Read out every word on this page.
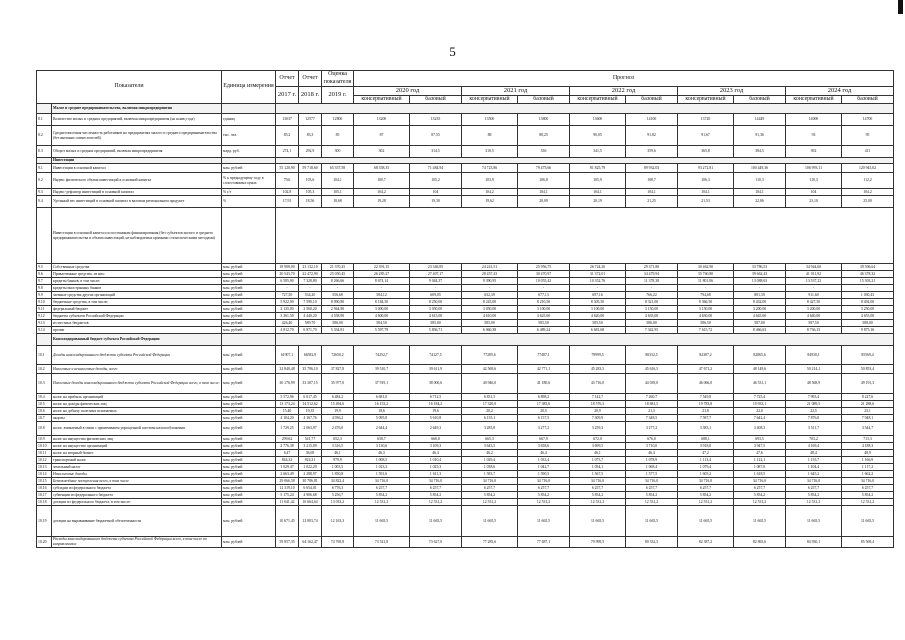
5
Показатели		Единица измерения	Отчет	Отчет	Оценка показателя	Прогноз									
			2017 г.	2018 г.	2019 г.	2020 год		2021 год		2022 год		2023 год		2024 год	
						консервативный	базовый	консервативный	базовый	консервативный	базовый	консервативный	базовый	консервативный	базовый
	Малое и среднее предпринимательство, включая микропредприятия														
8.1	Количество малых и средних предприятий, включая микропредприятия (на конец года)	единиц	13037	12577	12800	13200	13235	13500	13800	13600	14100	13720	14449	14000	14700
8.2	Среднесписочная численность работников на предприятиях малого и среднего предпринимательства (без внешних совместителей)	тыс. чел.	85,2	83,3	85	87	87,55	88	88,25	90,05	91,82	91,67	91,36	93	95
8.3	Оборот малых и средних предприятий, включая микропредприятия	млрд. руб.	274,1	292,9	300	302	314,5	310,5	336	341,5	359,6	365,8	384,5	392	411
	Инвестиции														
9.1	Инвестиции в основной капитал	млн. рублей	55 120,90	59 718,60	65 337,58	68 358,35	71 484,94	74 723,86	79 475,66	81 825,79	89 932,03	93 272,81	100 449,36	106 993,11	120 945,02
9.2	Индекс физического объема инвестиций в основной капитал	% к предыдущему году в сопоставимых ценах	79,6	103,6	104,1	100,7	105,2	103,9	106,8	105,9	108,7	106,3	110,3	110,3	112,2
9.3	Индекс-дефлятор инвестиций в основной капитал	% г/г	102,8	105,3	105,1	104,2	104	104,2	104,1	104,1	104,1	104,1	104,1	104	104,2
9.4	Удельный вес инвестиций в основной капитал в валовом региональном продукте	%	17,91	18,56	18,68	19,28	19,30	19,62	20,09	20,19	21,25	21,53	22,86	23,10	25,00
	Инвестиции в основной капитал по источникам финансирования (без субъектов малого и среднего предпринимательства и объема инвестиций, не наблюдаемых прямыми статистическими методами)														
9.5	Собственные средства	млн. рублей	18 908,00	23 132,10	21 370,25	22 391,15	23 346,85	24 241,51	25 956,75	26 724,20	29 371,80	30 462,90	33 786,53	34 944,60	39 506,64
9.6	Привлеченные средства, из них:	млн. рублей	20 543,70	22 472,90	25 050,45	26 285,27	27 407,17	28 457,43	30 470,97	31 372,01	34 479,94	35 760,80	39 662,43	41 011,92	46 378,32
9.7	кредиты банков, в том числе:	млн. рублей	6 585,90	7 328,80	8 266,66	8 674,14	9 044,37	9 390,95	10 055,42	10 352,76	11 378,38	11 801,06	13 088,63	13 537,23	15 303,21
9.8	кредиты иностранных банков	млн. рублей	-	-	-	-	-	-	-	-	-	-	-	-	-
9.9	заемные средства других организаций	млн. рублей	727,50	534,20	556,68	584,12	609,05	632,39	677,13	697,16	766,22	794,68	881,39	911,60	1 030,43
9.10	бюджетные средства, в том числе:	млн. рублей	5 922,90	7 590,10	8 090,80	8 184,50	8 250,00	8 245,00	8 210,50	8 305,50	8 321,00	8 366,50	8 432,00	8 427,50	8 492,00
9.11	федеральный бюджет	млн. рублей	2 135,00	2 560,20	2 944,90	3 000,00	3 050,00	3 050,00	3 100,00	3 100,00	3 150,00	3 150,00	3 200,00	3 200,00	3 250,00
9.12	бюджеты субъектов Российской Федерации	млн. рублей	3 361,50	4 440,20	4 558,90	4 600,00	4 615,00	4 610,00	4 625,00	4 620,00	4 635,00	4 630,00	4 645,00	4 640,00	4 655,00
9.13	из местных бюджетов	млн. рублей	426,40	589,70	586,00	584,50	585,00	585,00	585,50	585,50	586,00	586,50	587,00	587,50	588,00
9.14	прочие	млн. рублей	4 812,70	6 971,70	5 334,81	5 597,79	5 836,71	6 060,38	6 489,24	6 681,68	7 342,95	7 615,72	8 466,63	8 736,15	9 875,16
	Консолидированный бюджет субъекта Российской Федерации														
10.1	Доходы консолидированного бюджета субъекта Российской Федерации	млн. рублей	61907,1	66582,9	72650,2	74252,7	74127,5	77285,6	77487,1	79999,5	80332,5	82387,2	82865,6	84930,1	85569,4
10.2	Налоговые и неналоговые доходы, всего	млн. рублей	32 840,48	35 796,10	37 827,8	39 510,7	39 611,9	42 569,6	42 771,1	45 283,5	45 616,5	47 671,2	48 149,6	50 214,1	50 853,4
10.3	Налоговые доходы консолидированного бюджета субъекта Российской Федерации всего, в том числе:	млн. рублей	30 176,99	33 307,15	35 977,0	37 919,1	38 000,6	40 946,0	41 180,6	43 716,0	44 039,0	46 066,0	46 531,1	48 568,9	49 191,3
10.4	налог на прибыль организаций	млн. рублей	5 572,96	6 017,45	6 484,2	6 681,0	6 712,5	6 831,5	6 898,2	7 142,7	7 260,7	7 549,8	7 725,4	7 993,4	8 227,6
10.5	налог на доходы физических лиц	млн. рублей	13 173,24	14 512,62	15 494,6	16 153,2	16 184,2	17 320,0	17 385,6	18 576,3	18 681,5	19 783,8	19 933,1	21 089,5	21 288,6
10.6	налог на добычу полезных ископаемых	млн. рублей	15,40	19,35	19,9	19,6	19,6	20,2	20,5	20,9	21,3	21,8	22,0	22,5	23,1
10.7	акцизы	млн. рублей	4 104,20	4 167,76	4 936,2	5 095,8	5 610,8	6 135,1	6 157,5	7 309,9	7 348,5	7 587,7	7 642,4	7 876,0	7 948,1
10.8	налог, взимаемый в связи с применением упрощенной системы налогообложения	млн. рублей	1 729,25	2 063,97	2 476,0	2 644,4	2 649,3	3 285,8	3 277,2	3 259,3	3 277,2	3 383,1	3 408,3	3 511,7	3 544,7
10.9	налог на имущество физических лиц	млн. рублей	299,62	541,77	652,3	658,7	660,0	665,3	667,9	672,0	676,0	688,1	693,5	703,2	713,3
10.10	налог на имущество организаций	млн. рублей	2 776,38	3 215,09	3 316,5	3 130,6	3 109,3	3 643,5	3 658,6	3 699,5	3 710,0	3 918,0	3 947,5	4 169,4	4 188,3
10.11	налог на игорный бизнес	млн. рублей	6,47	36,69	46,1	46,3	46,4	46,2	46,4	46,1	46,4	47,2	47,6	48,4	48,9
10.12	транспортный налог	млн. рублей	844,32	924,31	979,9	1 008,5	1 010,4	1 029,4	1 033,4	1 073,7	1 078,9	1 113,4	1 122,1	1 155,7	1 166,9
10.13	земельный налог	млн. рублей	1 029,47	1 022,29	1 003,5	1 023,3	1 025,3	1 038,6	1 042,7	1 054,1	1 068,4	1 079,4	1 087,0	1 104,4	1 117,2
10.14	Неналоговые доходы	млн. рублей	2 663,49	2 288,97	1 850,8	1 591,6	1 611,3	1 583,7	1 590,5	1 567,5	1 577,5	1 605,2	1 618,5	1 645,2	1 662,2
10.15	Безвозмездные поступления всего, в том числе	млн. рублей	29 066,58	30 786,81	34 822,4	34 716,0	34 716,0	34 716,0	34 716,0	34 716,0	34 716,0	34 716,0	34 716,0	34 716,0	34 716,0
10.16	субсидии из федерального бюджета	млн. рублей	12 319,10	6 654,01	6 776,3	6 257,7	6 257,7	6 257,7	6 257,7	6 257,7	6 257,7	6 257,7	6 257,7	6 257,7	6 257,7
10.17	субвенции из федерального бюджета	млн. рублей	5 175,24	4 906,68	5 256,7	5 854,2	5 854,2	5 854,2	5 854,2	5 854,2	5 854,2	5 854,2	5 854,2	5 854,2	5 854,2
10.18	дотации из федерального бюджета, в том числе:	млн. рублей	11 041,42	16 664,64	13 033,2	12 531,2	12 531,2	12 531,2	12 531,2	12 531,2	12 531,2	12 531,2	12 531,2	12 531,2	12 531,2
10.19	дотации на выравнивание бюджетной обеспеченности	млн. рублей	10 671,45	12 803,74	12 163,3	11 665,5	11 665,5	11 665,5	11 665,5	11 665,5	11 665,5	11 665,5	11 665,5	11 665,5	11 665,5
10.20	Расходы консолидированного бюджета субъекта Российской Федерации всего, в том числе по направлениям:	млн. рублей	59 857,35	64 162,47	74 769,8	73 521,8	73 627,0	77 285,6	77 487,1	79 999,5	80 332,5	82 387,2	82 865,6	84 930,1	85 569,4
